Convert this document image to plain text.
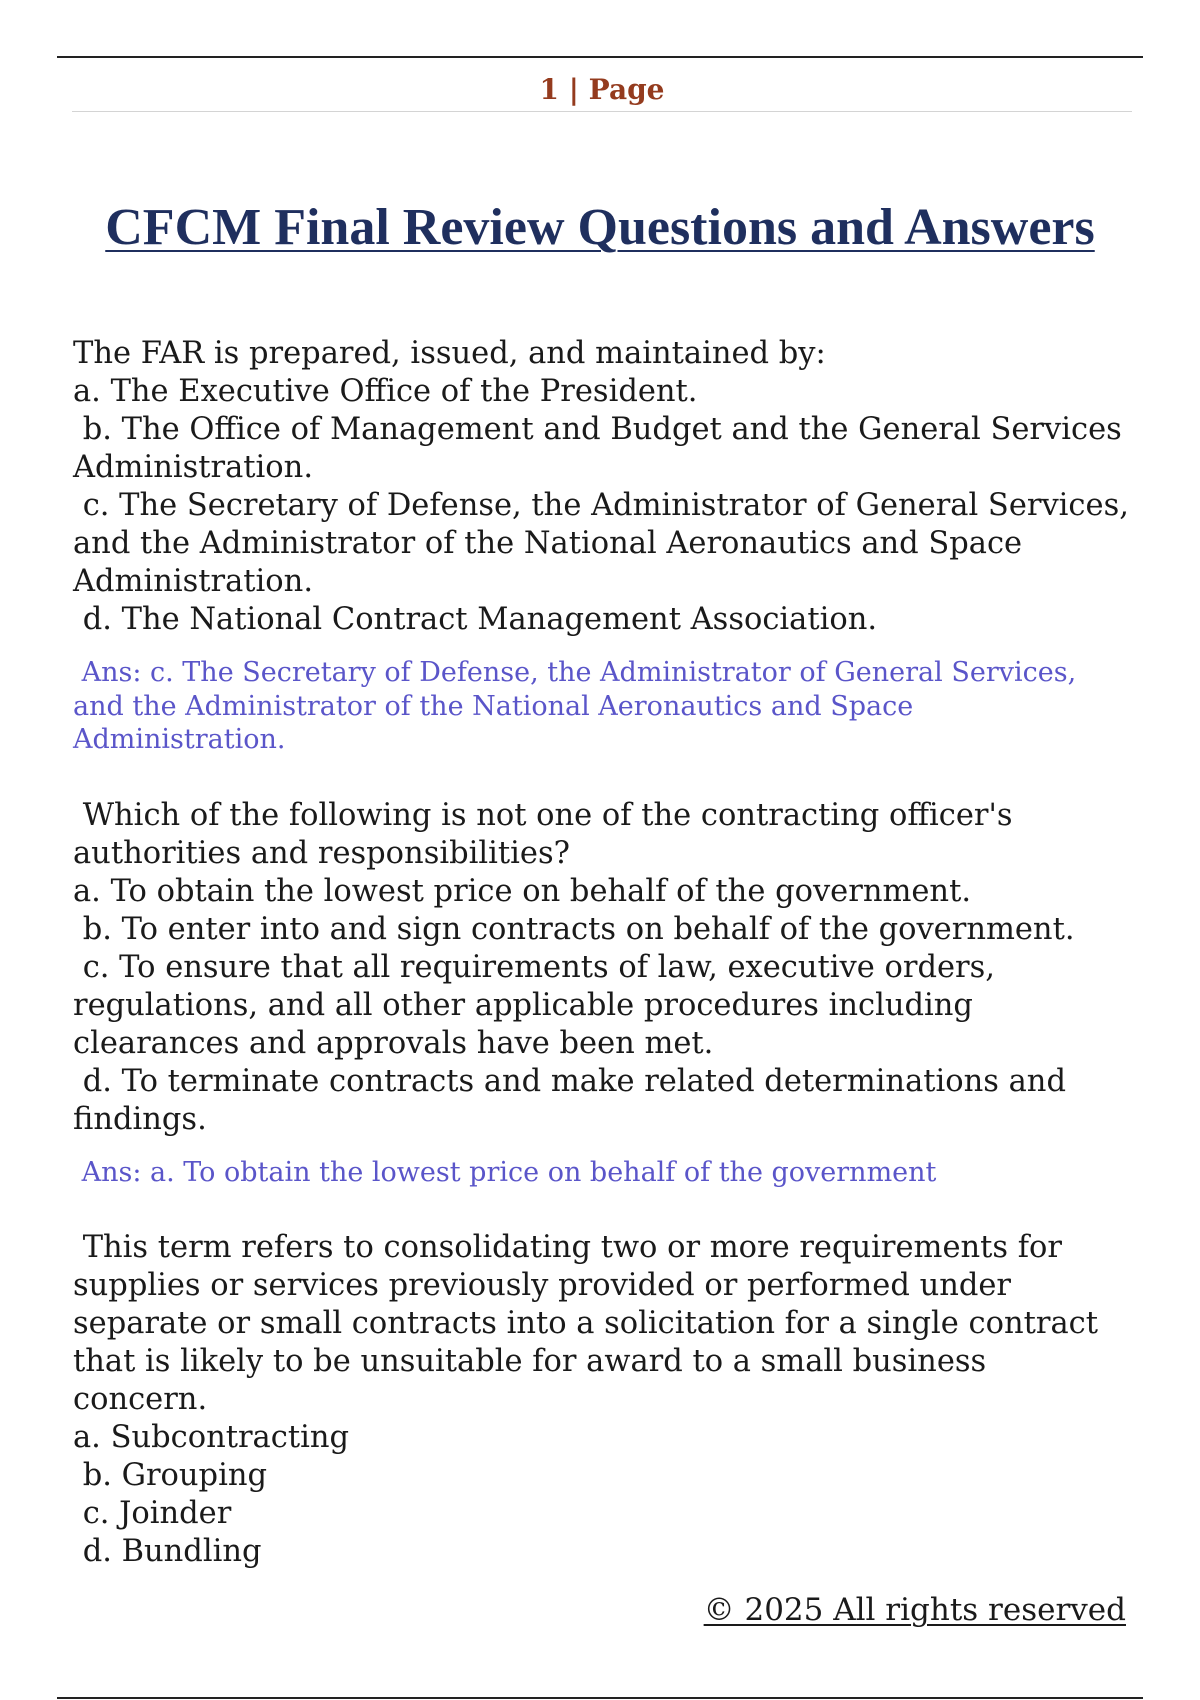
1 | Page
CFCM Final Review Questions and Answers
The FAR is prepared, issued, and maintained by:
a. The Executive Office of the President.
b. The Office of Management and Budget and the General Services
Administration.
c. The Secretary of Defense, the Administrator of General Services,
and the Administrator of the National Aeronautics and Space
Administration.
d. The National Contract Management Association.
Ans: c. The Secretary of Defense, the Administrator of General Services,
and the Administrator of the National Aeronautics and Space
Administration.
Which of the following is not one of the contracting officer's
authorities and responsibilities?
a. To obtain the lowest price on behalf of the government.
b. To enter into and sign contracts on behalf of the government.
c. To ensure that all requirements of law, executive orders,
regulations, and all other applicable procedures including
clearances and approvals have been met.
d. To terminate contracts and make related determinations and
findings.
Ans: a. To obtain the lowest price on behalf of the government
This term refers to consolidating two or more requirements for
supplies or services previously provided or performed under
separate or small contracts into a solicitation for a single contract
that is likely to be unsuitable for award to a small business
concern.
a. Subcontracting
b. Grouping
c. Joinder
d. Bundling
© 2025 All rights reserved
